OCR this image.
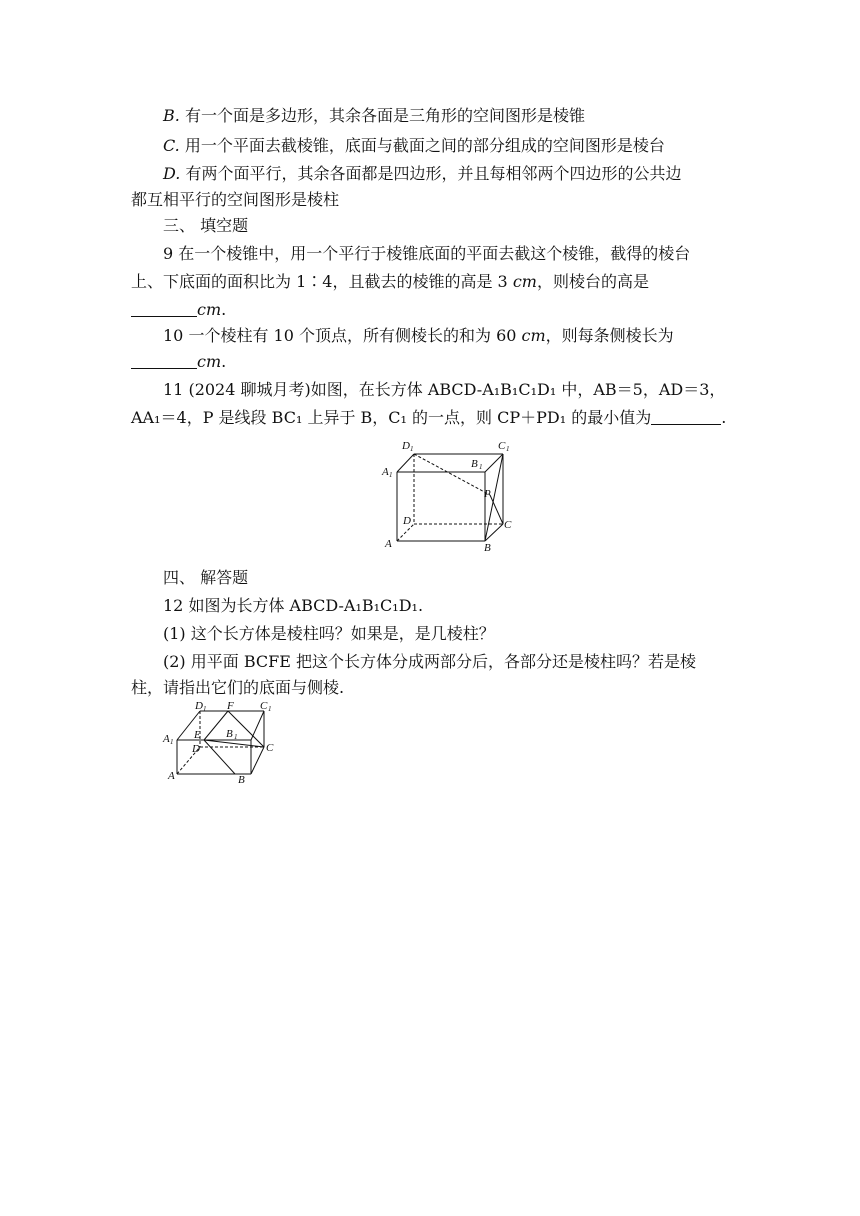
B. 有一个面是多边形，其余各面是三角形的空间图形是棱锥
C. 用一个平面去截棱锥，底面与截面之间的部分组成的空间图形是棱台
D. 有两个面平行，其余各面都是四边形，并且每相邻两个四边形的公共边
都互相平行的空间图形是棱柱
三、 填空题
9 在一个棱锥中，用一个平行于棱锥底面的平面去截这个棱锥，截得的棱台
上、下底面的面积比为 1∶4，且截去的棱锥的高是 3 cm，则棱台的高是
cm.
10 一个棱柱有 10 个顶点，所有侧棱长的和为 60 cm，则每条侧棱长为
cm.
11 (2024 聊城月考)如图，在长方体 ABCD-A₁B₁C₁D₁ 中，AB＝5，AD＝3，
AA₁＝4，P 是线段 BC₁ 上异于 B，C₁ 的一点，则 CP＋PD₁ 的最小值为	.
D 1	C 1
A 1
B 1
P
D	C
A	B
四、 解答题
12 如图为长方体 ABCD-A₁B₁C₁D₁.
(1) 这个长方体是棱柱吗？如果是，是几棱柱？
(2) 用平面 BCFE 把这个长方体分成两部分后，各部分还是棱柱吗？若是棱
柱，请指出它们的底面与侧棱.
D 1 F C 1
A 1
E B 1
D	C
A	B
